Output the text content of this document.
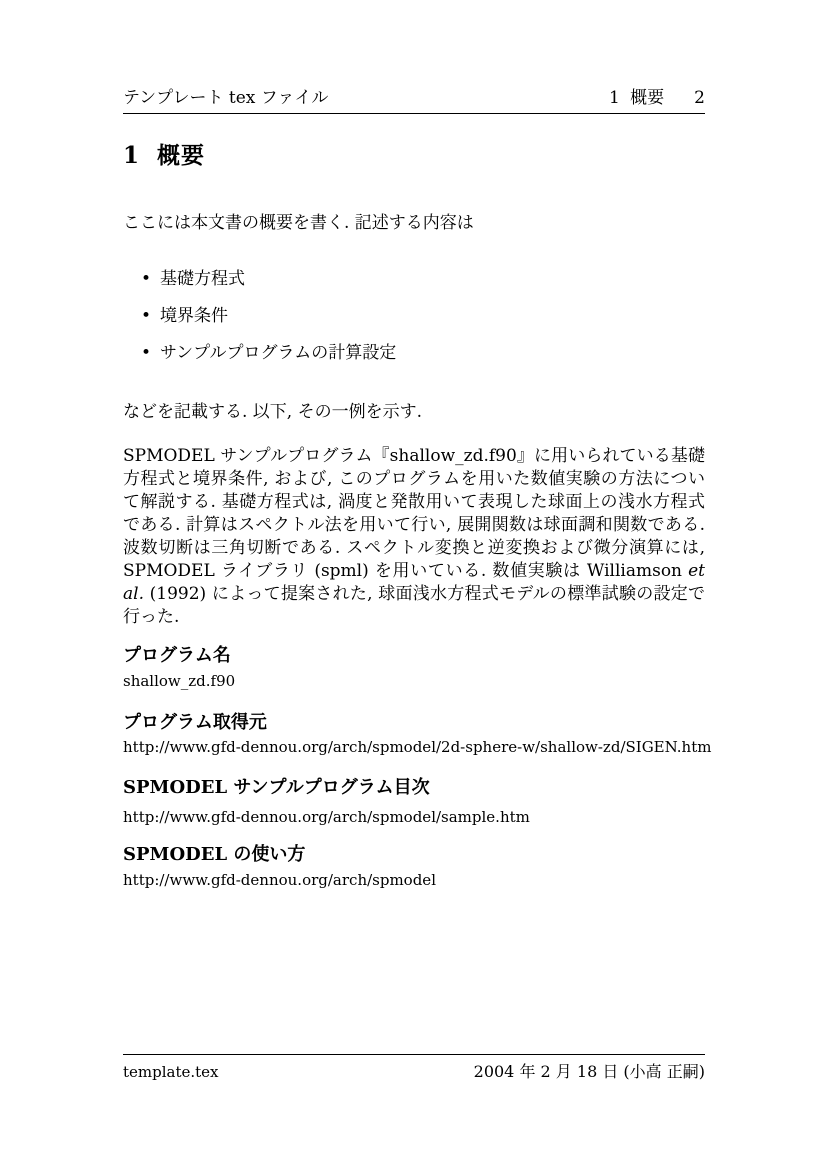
テンプレート tex ファイル	1 概要 2
1 概要

ここには本文書の概要を書く. 記述する内容は

• 基礎方程式
• 境界条件
• サンプルプログラムの計算設定

などを記載する. 以下, その一例を示す.

SPMODEL サンプルプログラム『shallow_zd.f90』に用いられている基礎方程式と境界条件, および, このプログラムを用いた数値実験の方法について解説する. 基礎方程式は, 渦度と発散用いて表現した球面上の浅水方程式である. 計算はスペクトル法を用いて行い, 展開関数は球面調和関数である. 波数切断は三角切断である. スペクトル変換と逆変換および微分演算には, SPMODEL ライブラリ (spml) を用いている. 数値実験は Williamson et al. (1992) によって提案された, 球面浅水方程式モデルの標準試験の設定で行った.

プログラム名

shallow_zd.f90

プログラム取得元

http://www.gfd-dennou.org/arch/spmodel/2d-sphere-w/shallow-zd/SIGEN.htm

SPMODEL サンプルプログラム目次

http://www.gfd-dennou.org/arch/spmodel/sample.htm

SPMODEL の使い方

http://www.gfd-dennou.org/arch/spmodel

template.tex	2004 年 2 月 18 日 (小高 正嗣)
